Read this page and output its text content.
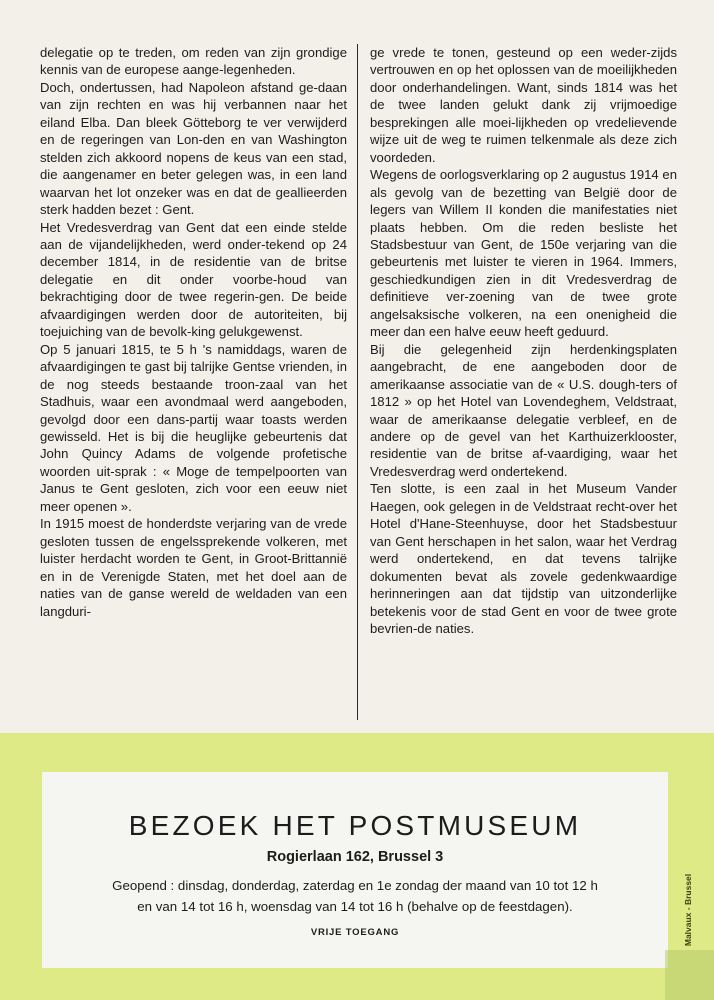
delegatie op te treden, om reden van zijn grondige kennis van de europese aange-legenheden.

Doch, ondertussen, had Napoleon afstand ge-daan van zijn rechten en was hij verbannen naar het eiland Elba. Dan bleek Götteborg te ver verwijderd en de regeringen van Lon-den en van Washington stelden zich akkoord nopens de keus van een stad, die aangenamer en beter gelegen was, in een land waarvan het lot onzeker was en dat de geallieerden sterk hadden bezet : Gent.

Het Vredesverdrag van Gent dat een einde stelde aan de vijandelijkheden, werd onder-tekend op 24 december 1814, in de residentie van de britse delegatie en dit onder voorbe-houd van bekrachtiging door de twee regerin-gen. De beide afvaardigingen werden door de autoriteiten, bij toejuiching van de bevolk-king gelukgewenst.

Op 5 januari 1815, te 5 h 's namiddags, waren de afvaardigingen te gast bij talrijke Gentse vrienden, in de nog steeds bestaande troon-zaal van het Stadhuis, waar een avondmaal werd aangeboden, gevolgd door een dans-partij waar toasts werden gewisseld. Het is bij die heuglijke gebeurtenis dat John Quincy Adams de volgende profetische woorden uit-sprak : « Moge de tempelpoorten van Janus te Gent gesloten, zich voor een eeuw niet meer openen ».

In 1915 moest de honderdste verjaring van de vrede gesloten tussen de engelssprekende volkeren, met luister herdacht worden te Gent, in Groot-Brittannië en in de Verenigde Staten, met het doel aan de naties van de ganse wereld de weldaden van een langduri-

ge vrede te tonen, gesteund op een weder-zijds vertrouwen en op het oplossen van de moeilijkheden door onderhandelingen. Want, sinds 1814 was het de twee landen gelukt dank zij vrijmoedige besprekingen alle moei-lijkheden op vredelievende wijze uit de weg te ruimen telkenmale als deze zich voordeden.

Wegens de oorlogsverklaring op 2 augustus 1914 en als gevolg van de bezetting van België door de legers van Willem II konden die manifestaties niet plaats hebben. Om die reden besliste het Stadsbestuur van Gent, de 150e verjaring van die gebeurtenis met luister te vieren in 1964. Immers, geschiedkundigen zien in dit Vredesverdrag de definitieve ver-zoening van de twee grote angelsaksische volkeren, na een onenigheid die meer dan een halve eeuw heeft geduurd.

Bij die gelegenheid zijn herdenkingsplaten aangebracht, de ene aangeboden door de amerikaanse associatie van de « U.S. dough-ters of 1812 » op het Hotel van Lovendeghem, Veldstraat, waar de amerikaanse delegatie verbleef, en de andere op de gevel van het Karthuizerklooster, residentie van de britse af-vaardiging, waar het Vredesverdrag werd ondertekend.

Ten slotte, is een zaal in het Museum Vander Haegen, ook gelegen in de Veldstraat recht-over het Hotel d'Hane-Steenhuyse, door het Stadsbestuur van Gent herschapen in het salon, waar het Verdrag werd ondertekend, en dat tevens talrijke dokumenten bevat als zovele gedenkwaardige herinneringen aan dat tijdstip van uitzonderlijke betekenis voor de stad Gent en voor de twee grote bevrien-de naties.

BEZOEK HET POSTMUSEUM
Rogierlaan 162, Brussel 3
Geopend : dinsdag, donderdag, zaterdag en 1e zondag der maand van 10 tot 12 h
en van 14 tot 16 h, woensdag van 14 tot 16 h (behalve op de feestdagen).
VRIJE TOEGANG	Malvaux - Brussel
